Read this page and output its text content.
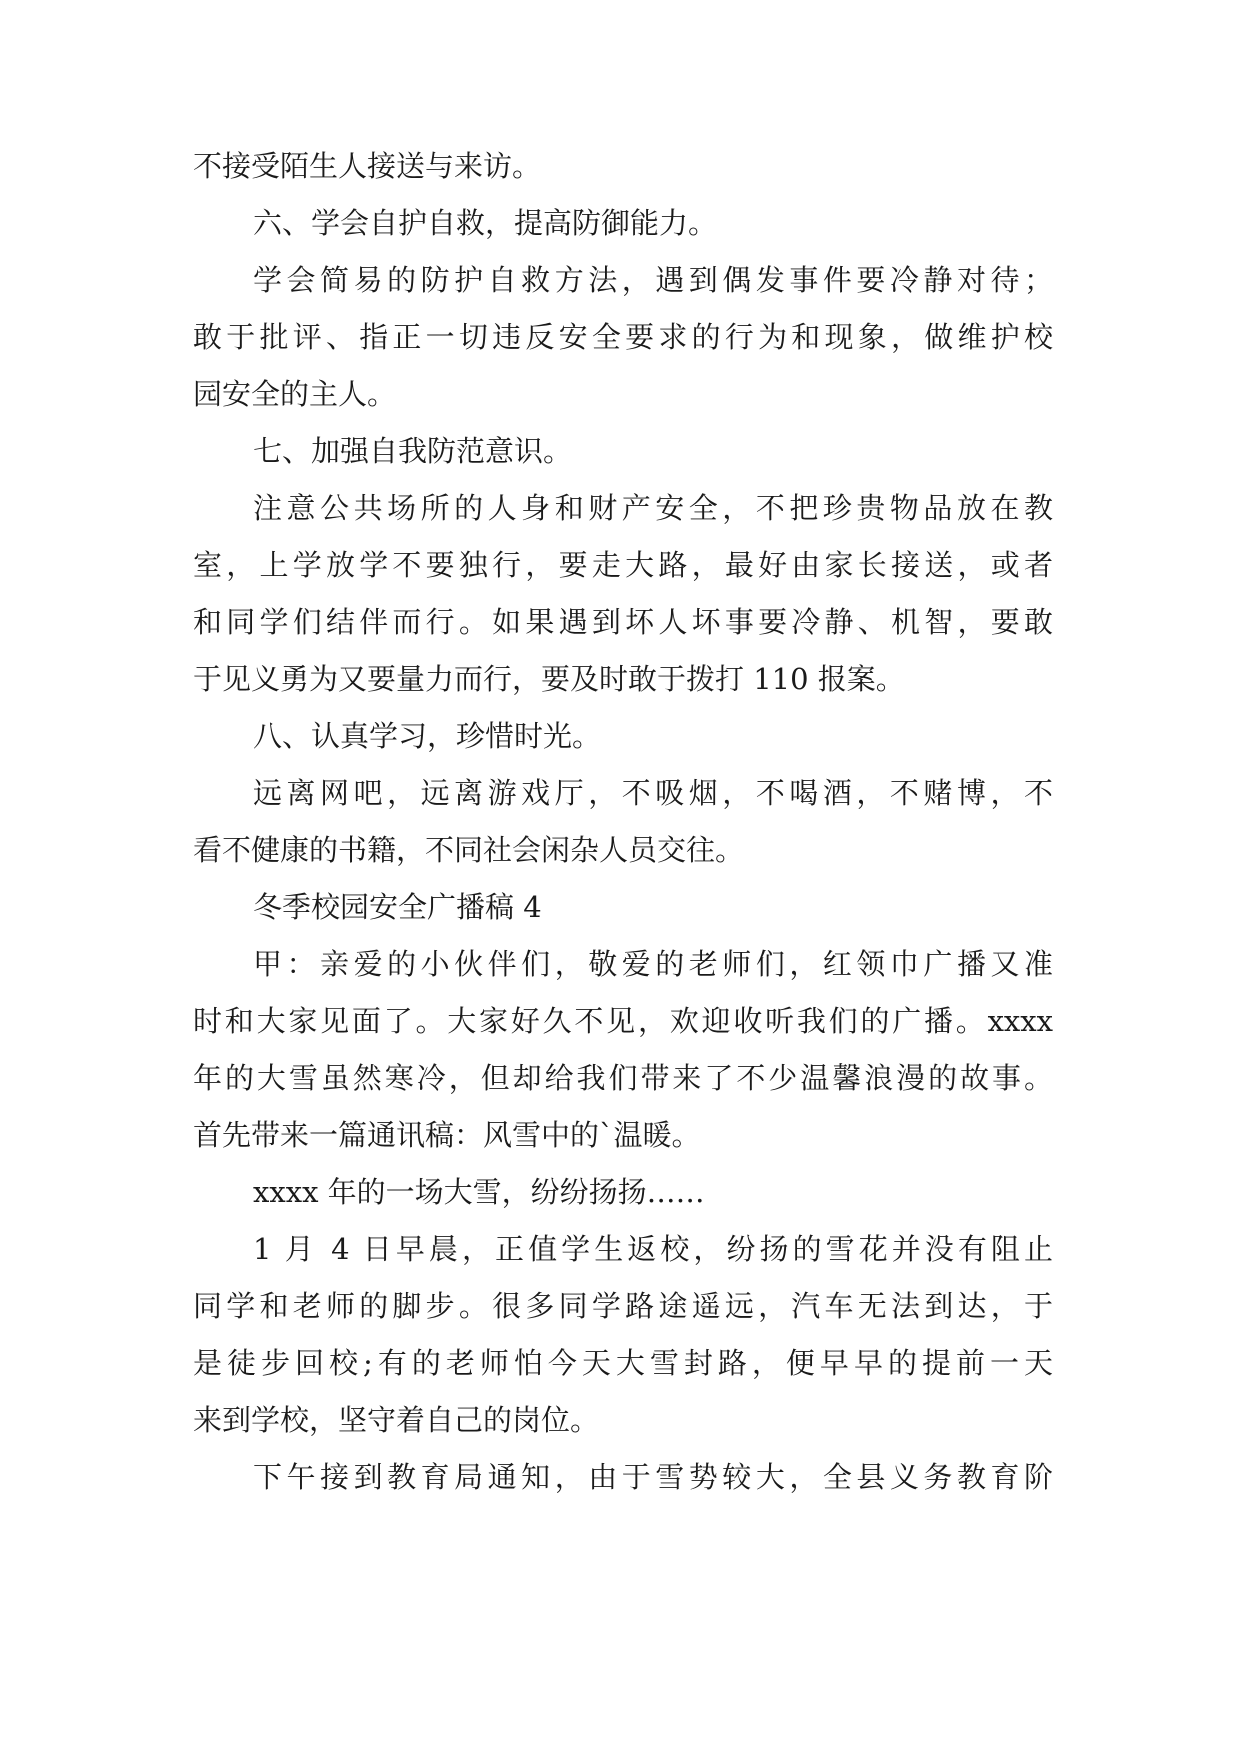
不接受陌生人接送与来访。
六、学会自护自救，提高防御能力。
学会简易的防护自救方法，遇到偶发事件要冷静对待；
敢于批评、指正一切违反安全要求的行为和现象，做维护校
园安全的主人。
七、加强自我防范意识。
注意公共场所的人身和财产安全，不把珍贵物品放在教
室，上学放学不要独行，要走大路，最好由家长接送，或者
和同学们结伴而行。如果遇到坏人坏事要冷静、机智，要敢
于见义勇为又要量力而行，要及时敢于拨打 110 报案。
八、认真学习，珍惜时光。
远离网吧，远离游戏厅，不吸烟，不喝酒，不赌博，不
看不健康的书籍，不同社会闲杂人员交往。
冬季校园安全广播稿 4
甲：亲爱的小伙伴们，敬爱的老师们，红领巾广播又准
时和大家见面了。大家好久不见，欢迎收听我们的广播。xxxx
年的大雪虽然寒冷，但却给我们带来了不少温馨浪漫的故事。
首先带来一篇通讯稿：风雪中的`温暖。
xxxx 年的一场大雪，纷纷扬扬……
1 月 4 日早晨，正值学生返校，纷扬的雪花并没有阻止
同学和老师的脚步。很多同学路途遥远，汽车无法到达，于
是徒步回校;有的老师怕今天大雪封路，便早早的提前一天
来到学校，坚守着自己的岗位。
下午接到教育局通知，由于雪势较大，全县义务教育阶
